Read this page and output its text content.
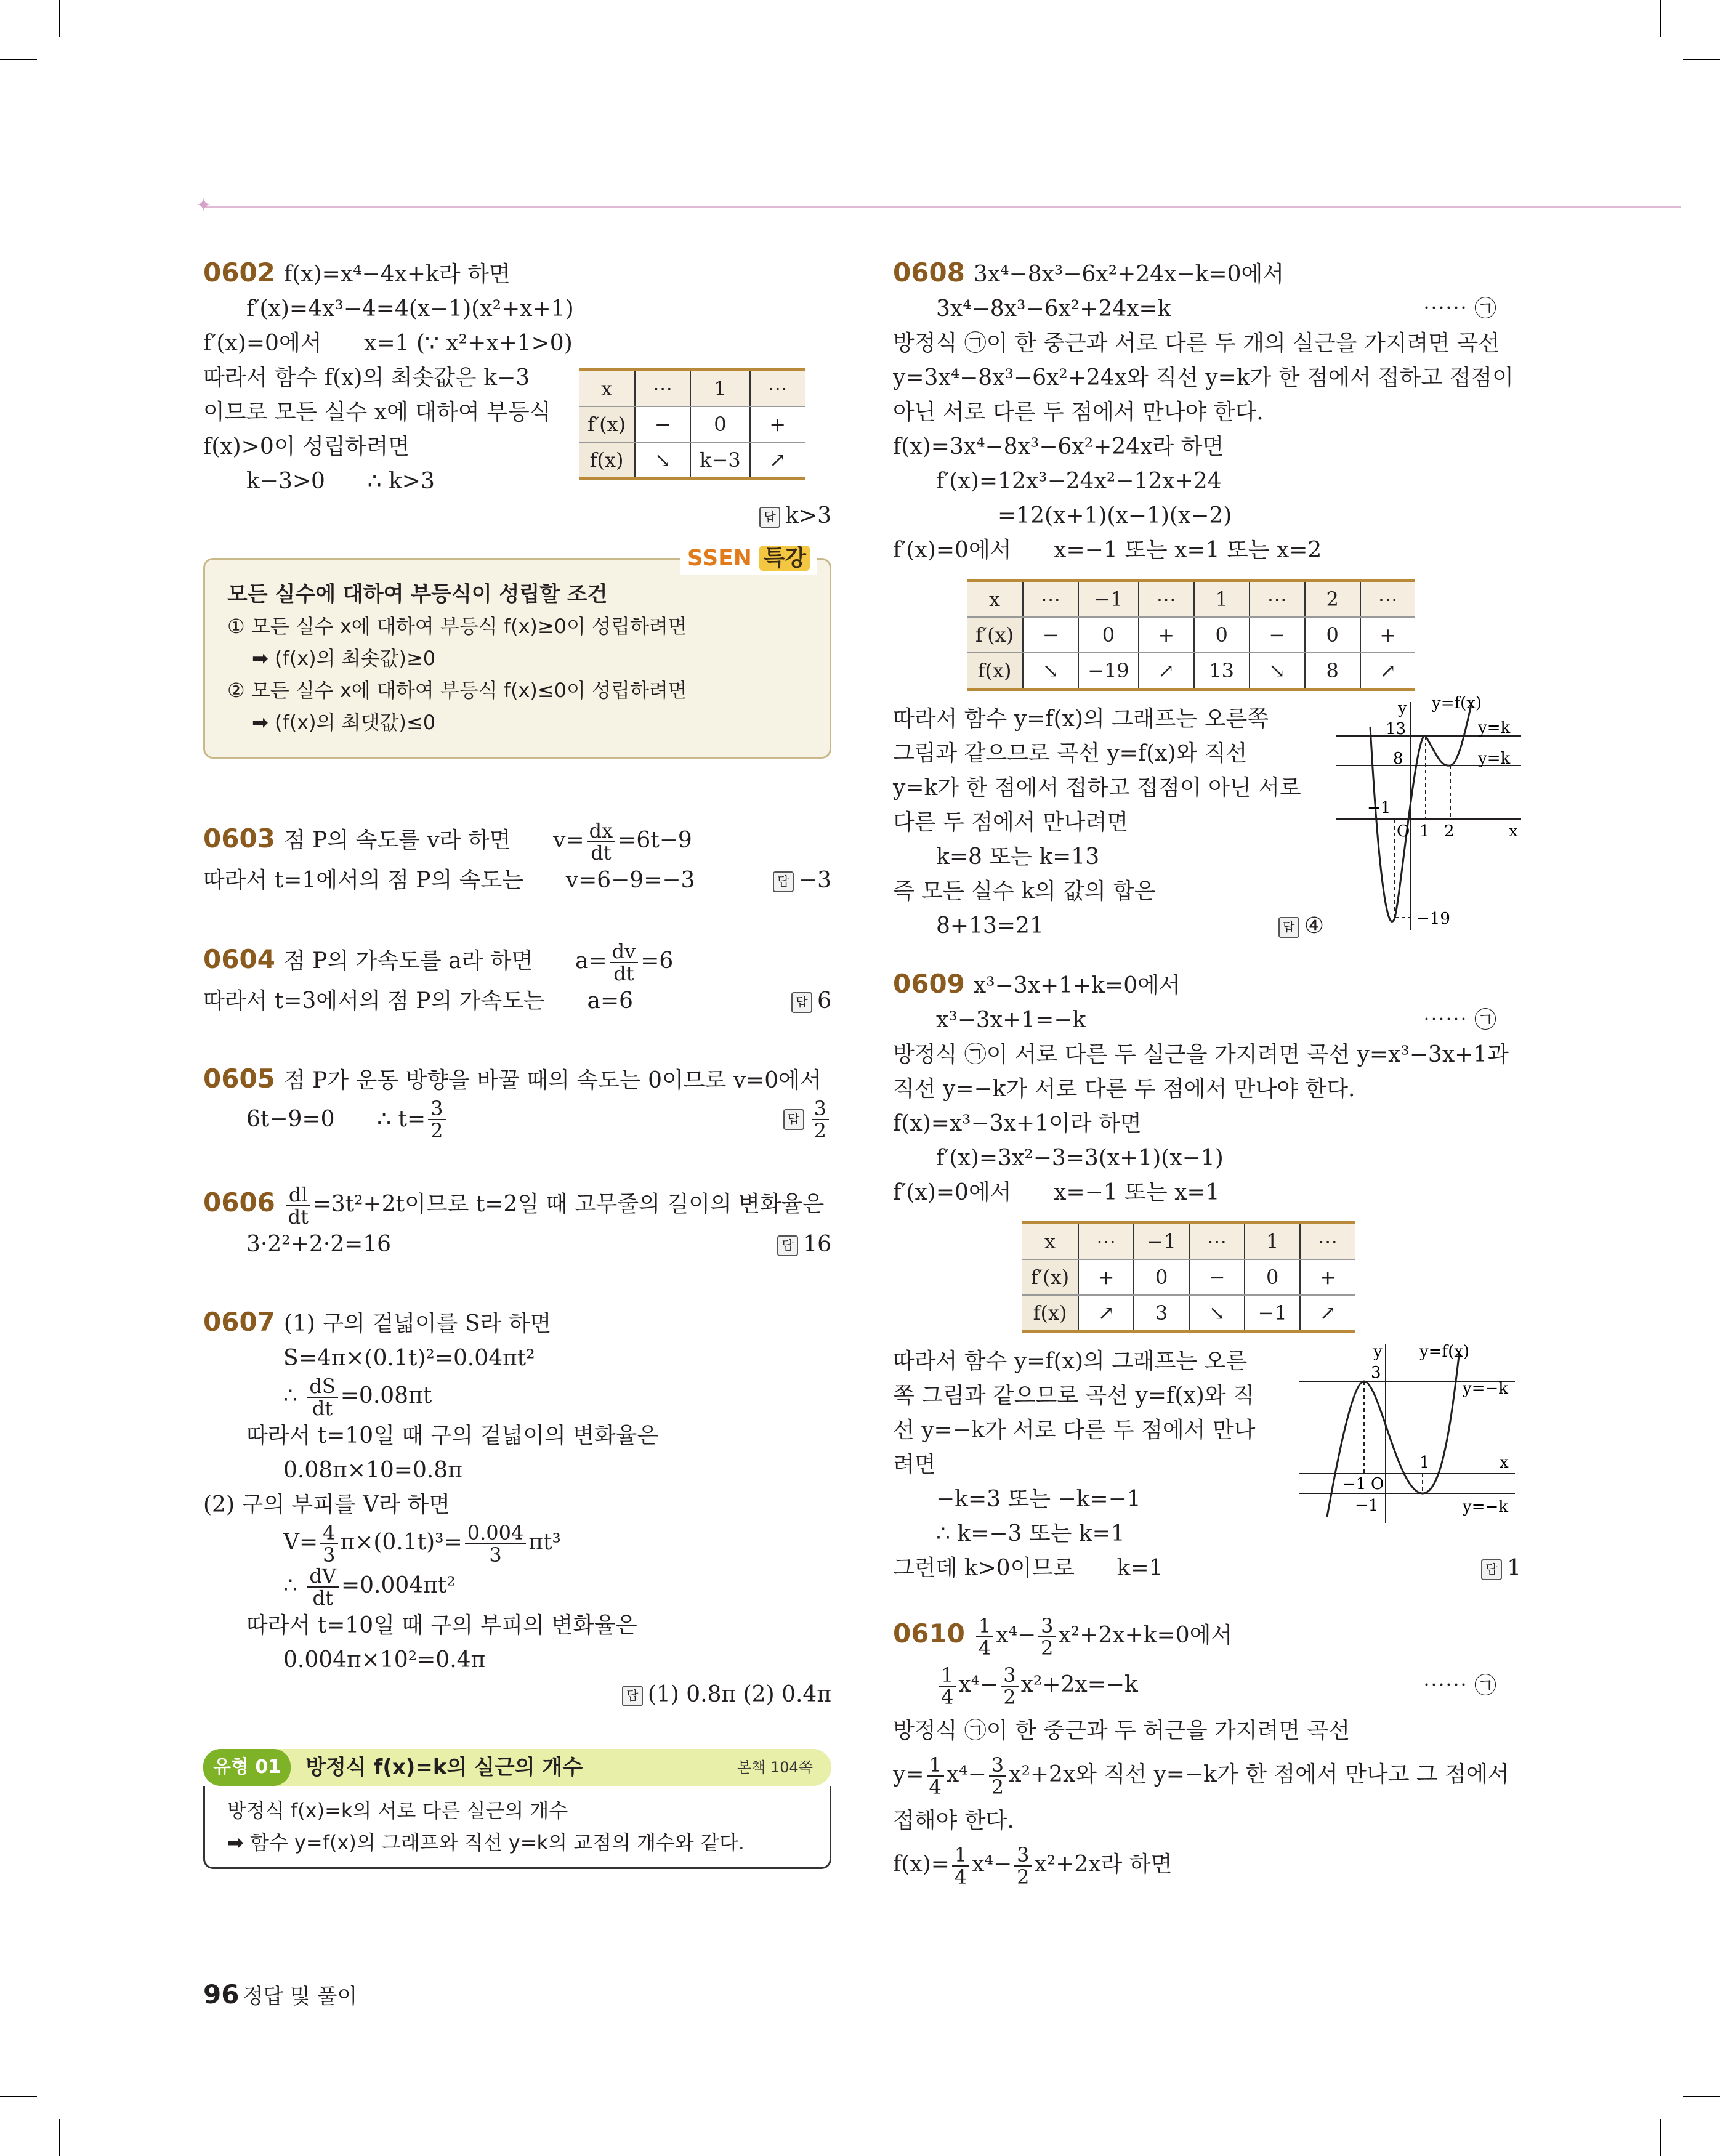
✦
0602 f(x)=x⁴−4x+k라 하면
f′(x)=4x³−4=4(x−1)(x²+x+1)
f′(x)=0에서      x=1 (∵ x²+x+1>0)
따라서 함수 f(x)의 최솟값은 k−3
이므로 모든 실수 x에 대하여 부등식
f(x)>0이 성립하려면
k−3>0      ∴ k>3
x	⋯	1	⋯
f′(x)	−	0	+
f(x)	↘	k−3	↗
답 k>3
SSEN 특강
모든 실수에 대하여 부등식이 성립할 조건
① 모든 실수 x에 대하여 부등식 f(x)≥0이 성립하려면
➡ (f(x)의 최솟값)≥0
② 모든 실수 x에 대하여 부등식 f(x)≤0이 성립하려면
➡ (f(x)의 최댓값)≤0
0603 점 P의 속도를 v라 하면      $v= \frac{dx}{dt} =6t-9$
따라서 t=1에서의 점 P의 속도는      v=6−9=−3	답 −3
0604 점 P의 가속도를 a라 하면      $a= \frac{dv}{dt} =6$
따라서 t=3에서의 점 P의 가속도는      a=6	답 6
0605 점 P가 운동 방향을 바꿀 때의 속도는 0이므로 v=0에서
6t−9=0      ∴ $t= \frac{3}{2}$	답 $\frac{3}{2}$
$0606 \frac{dl}{dt} =3t^2+2t$이므로 t=2일 때 고무줄의 길이의 변화율은
3·2²+2·2=16	답 16
0607 (1) 구의 겉넓이를 S라 하면
S=4π×(0.1t)²=0.04πt²
∴ $\frac{dS}{dt} =0.08\pi t$
따라서 t=10일 때 구의 겉넓이의 변화율은
0.08π×10=0.8π
(2) 구의 부피를 V라 하면
$V= \frac{4}{3} \pi\times(0.1t)^3= \frac{0.004}{3} \pi t^3$
∴ $\frac{dV}{dt} =0.004\pi t^2$
따라서 t=10일 때 구의 부피의 변화율은
0.004π×10²=0.4π
답 (1) 0.8π (2) 0.4π
유형 01	방정식 f(x)=k의 실근의 개수	본책 104쪽
방정식 f(x)=k의 서로 다른 실근의 개수
➡ 함수 y=f(x)의 그래프와 직선 y=k의 교점의 개수와 같다.
0608 3x⁴−8x³−6x²+24x−k=0에서
3x⁴−8x³−6x²+24x=k	⋯⋯ ㉠
방정식 ㉠이 한 중근과 서로 다른 두 개의 실근을 가지려면 곡선
y=3x⁴−8x³−6x²+24x와 직선 y=k가 한 점에서 접하고 접점이
아닌 서로 다른 두 점에서 만나야 한다.
f(x)=3x⁴−8x³−6x²+24x라 하면
f′(x)=12x³−24x²−12x+24
=12(x+1)(x−1)(x−2)
f′(x)=0에서      x=−1 또는 x=1 또는 x=2
x	⋯	−1	⋯	1	⋯	2	⋯
f′(x)	−	0	+	0	−	0	+
f(x)	↘	−19	↗	13	↘	8	↗
따라서 함수 y=f(x)의 그래프는 오른쪽
그림과 같으므로 곡선 y=f(x)와 직선
y=k가 한 점에서 접하고 접점이 아닌 서로
다른 두 점에서 만나려면
k=8 또는 k=13
즉 모든 실수 k의 값의 합은
8+13=21	답 ④
y y=f(x)
y=k
y=k
13
8
−1
O 1 2	x
−19
0609 x³−3x+1+k=0에서
x³−3x+1=−k	⋯⋯ ㉠
방정식 ㉠이 서로 다른 두 실근을 가지려면 곡선 y=x³−3x+1과
직선 y=−k가 서로 다른 두 점에서 만나야 한다.
f(x)=x³−3x+1이라 하면
f′(x)=3x²−3=3(x+1)(x−1)
f′(x)=0에서      x=−1 또는 x=1
x	⋯	−1	⋯	1	⋯
f′(x)	+	0	−	0	+
f(x)	↗	3	↘	−1	↗
따라서 함수 y=f(x)의 그래프는 오른
쪽 그림과 같으므로 곡선 y=f(x)와 직
선 y=−k가 서로 다른 두 점에서 만나
려면
−k=3 또는 −k=−1
∴ k=−3 또는 k=1
그런데 k>0이므로      k=1	답 1
y y=f(x)
y=−k
y=−k
3
−1 O
1
−1
x
$0610 \frac{1}{4} x^4- \frac{3}{2} x^2+2x+k=0$에서
$\frac{1}{4} x^4- \frac{3}{2} x^2+2x=-k$	⋯⋯ ㉠
방정식 ㉠이 한 중근과 두 허근을 가지려면 곡선
$y= \frac{1}{4} x^4- \frac{3}{2} x^2+2x$와 직선 y=−k가 한 점에서 만나고 그 점에서
접해야 한다.
$f(x)= \frac{1}{4} x^4- \frac{3}{2} x^2+2x$라 하면
96 정답 및 풀이
